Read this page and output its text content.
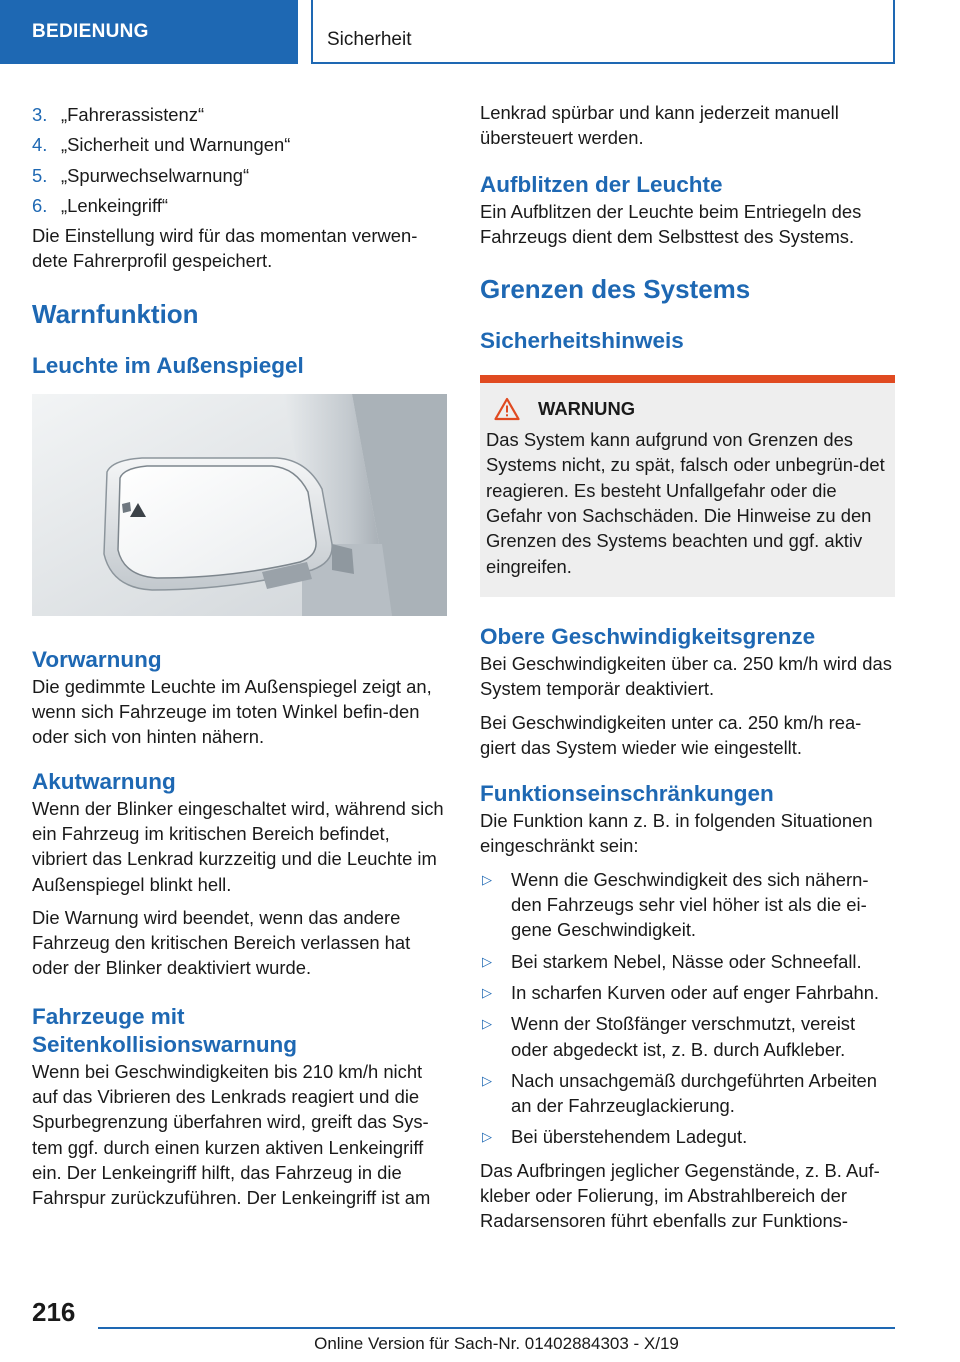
BEDIENUNG	Sicherheit
3. „Fahrerassistenz“
4. „Sicherheit und Warnungen“
5. „Spurwechselwarnung“
6. „Lenkeingriff“

Die Einstellung wird für das momentan verwen-dete Fahrerprofil gespeichert.

Warnfunktion
Leuchte im Außenspiegel
Vorwarnung

Die gedimmte Leuchte im Außenspiegel zeigt an, wenn sich Fahrzeuge im toten Winkel befin-den oder sich von hinten nähern.

Akutwarnung

Wenn der Blinker eingeschaltet wird, während sich ein Fahrzeug im kritischen Bereich befindet, vibriert das Lenkrad kurzzeitig und die Leuchte im Außenspiegel blinkt hell.

Die Warnung wird beendet, wenn das andere Fahrzeug den kritischen Bereich verlassen hat oder der Blinker deaktiviert wurde.

Fahrzeuge mit Seitenkollisionswarnung

Wenn bei Geschwindigkeiten bis 210 km/h nicht auf das Vibrieren des Lenkrads reagiert und die Spurbegrenzung überfahren wird, greift das Sys-tem ggf. durch einen kurzen aktiven Lenkeingriff ein. Der Lenkeingriff hilft, das Fahrzeug in die Fahrspur zurückzuführen. Der Lenkeingriff ist am

Lenkrad spürbar und kann jederzeit manuell übersteuert werden.

Aufblitzen der Leuchte

Ein Aufblitzen der Leuchte beim Entriegeln des Fahrzeugs dient dem Selbsttest des Systems.

Grenzen des Systems
Sicherheitshinweis
WARNUNG

Das System kann aufgrund von Grenzen des Systems nicht, zu spät, falsch oder unbegrün-det reagieren. Es besteht Unfallgefahr oder die Gefahr von Sachschäden. Die Hinweise zu den Grenzen des Systems beachten und ggf. aktiv eingreifen.

Obere Geschwindigkeitsgrenze

Bei Geschwindigkeiten über ca. 250 km/h wird das System temporär deaktiviert.

Bei Geschwindigkeiten unter ca. 250 km/h rea-giert das System wieder wie eingestellt.

Funktionseinschränkungen

Die Funktion kann z. B. in folgenden Situationen eingeschränkt sein:

▷	Wenn die Geschwindigkeit des sich nähern-den Fahrzeugs sehr viel höher ist als die ei-gene Geschwindigkeit.
▷	Bei starkem Nebel, Nässe oder Schneefall.
▷	In scharfen Kurven oder auf enger Fahrbahn.
▷	Wenn der Stoßfänger verschmutzt, vereist oder abgedeckt ist, z. B. durch Aufkleber.
▷	Nach unsachgemäß durchgeführten Arbeiten an der Fahrzeuglackierung.
▷	Bei überstehendem Ladegut.

Das Aufbringen jeglicher Gegenstände, z. B. Auf-kleber oder Folierung, im Abstrahlbereich der Radarsensoren führt ebenfalls zur Funktions-

216
Online Version für Sach-Nr. 01402884303 - X/19
